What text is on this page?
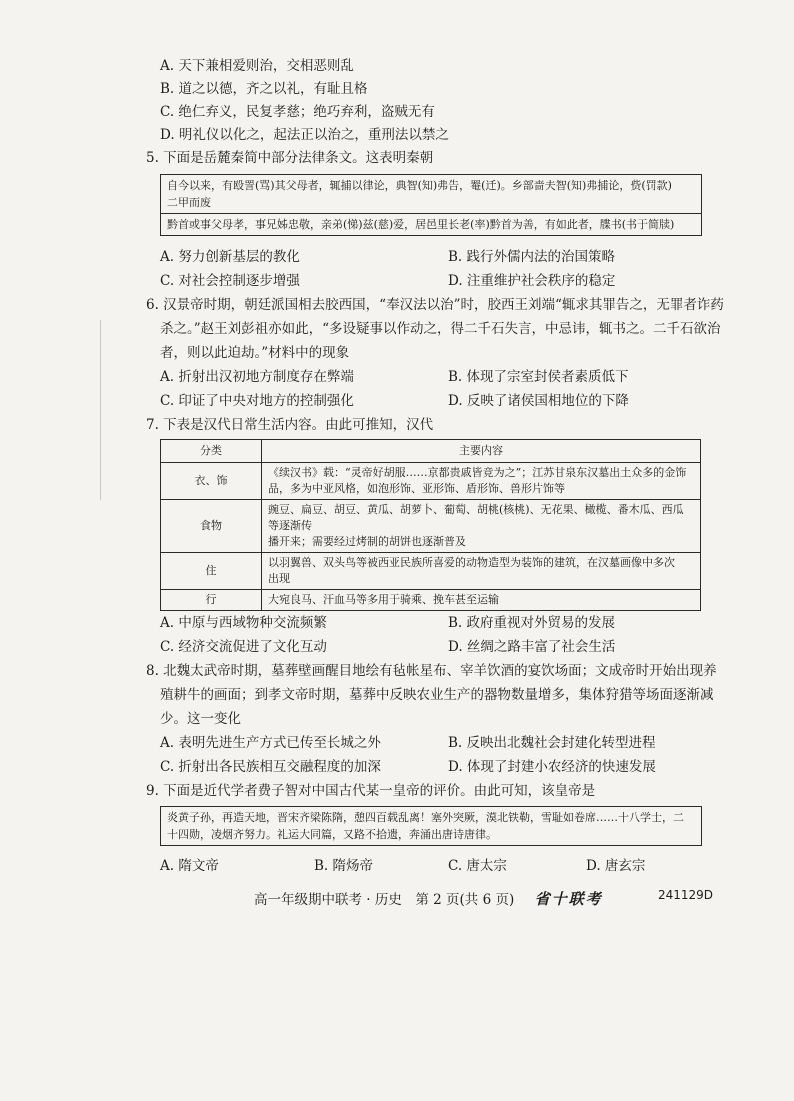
A. 天下兼相爱则治，交相恶则乱
B. 道之以德，齐之以礼，有耻且格
C. 绝仁弃义，民复孝慈；绝巧弃利，盗贼无有
D. 明礼仪以化之，起法正以治之，重刑法以禁之
5. 下面是岳麓秦简中部分法律条文。这表明秦朝
自今以来，有殴詈(骂)其父母者，辄捕以律论，典智(知)弗告，罨(迁)。乡部啬夫智(知)弗捕论，赀(罚款)
二甲而废
黔首或事父母孝，事兄姊忠敬，亲弟(悌)兹(慈)爱，居邑里长老(率)黔首为善，有如此者，牒书(书于简牍)
A. 努力创新基层的教化	B. 践行外儒内法的治国策略
C. 对社会控制逐步增强	D. 注重维护社会秩序的稳定
6. 汉景帝时期，朝廷派国相去胶西国，“奉汉法以治”时，胶西王刘端“辄求其罪告之，无罪者诈药
杀之。”赵王刘彭祖亦如此，“多设疑事以作动之，得二千石失言，中忌讳，辄书之。二千石欲治
者，则以此迫劫。”材料中的现象
A. 折射出汉初地方制度存在弊端	B. 体现了宗室封侯者素质低下
C. 印证了中央对地方的控制强化	D. 反映了诸侯国相地位的下降
7. 下表是汉代日常生活内容。由此可推知，汉代
分类	主要内容
衣、饰	《续汉书》载：“灵帝好胡服……京都贵戚皆竞为之”；江苏甘泉东汉墓出土众多的金饰
品，多为中亚风格，如泡形饰、亚形饰、盾形饰、兽形片饰等

食物	豌豆、扁豆、胡豆、黄瓜、胡萝卜、葡萄、胡桃(核桃)、无花果、橄榄、番木瓜、西瓜等逐渐传
播开来；需要经过烤制的胡饼也逐渐普及

住	以羽翼兽、双头鸟等被西亚民族所喜爱的动物造型为装饰的建筑，在汉墓画像中多次
出现

行	大宛良马、汗血马等多用于骑乘、挽车甚至运输
A. 中原与西域物种交流频繁	B. 政府重视对外贸易的发展
C. 经济交流促进了文化互动	D. 丝绸之路丰富了社会生活
8. 北魏太武帝时期，墓葬壁画醒目地绘有毡帐星布、宰羊饮酒的宴饮场面；文成帝时开始出现养
殖耕牛的画面；到孝文帝时期，墓葬中反映农业生产的器物数量增多，集体狩猎等场面逐渐减
少。这一变化
A. 表明先进生产方式已传至长城之外	B. 反映出北魏社会封建化转型进程
C. 折射出各民族相互交融程度的加深	D. 体现了封建小农经济的快速发展
9. 下面是近代学者费子智对中国古代某一皇帝的评价。由此可知，该皇帝是
炎黄子孙，再造天地，晋宋齐梁陈隋，憩四百载乱离！塞外突厥，漠北铁勒，雪耻如卷席……十八学士，二
十四勋，凌烟齐努力。礼运大同篇，又路不拾遗，奔涌出唐诗唐律。
A. 隋文帝	B. 隋炀帝	C. 唐太宗	D. 唐玄宗
高一年级期中联考 · 历史　第 2 页(共 6 页) 省十联考	241129D
